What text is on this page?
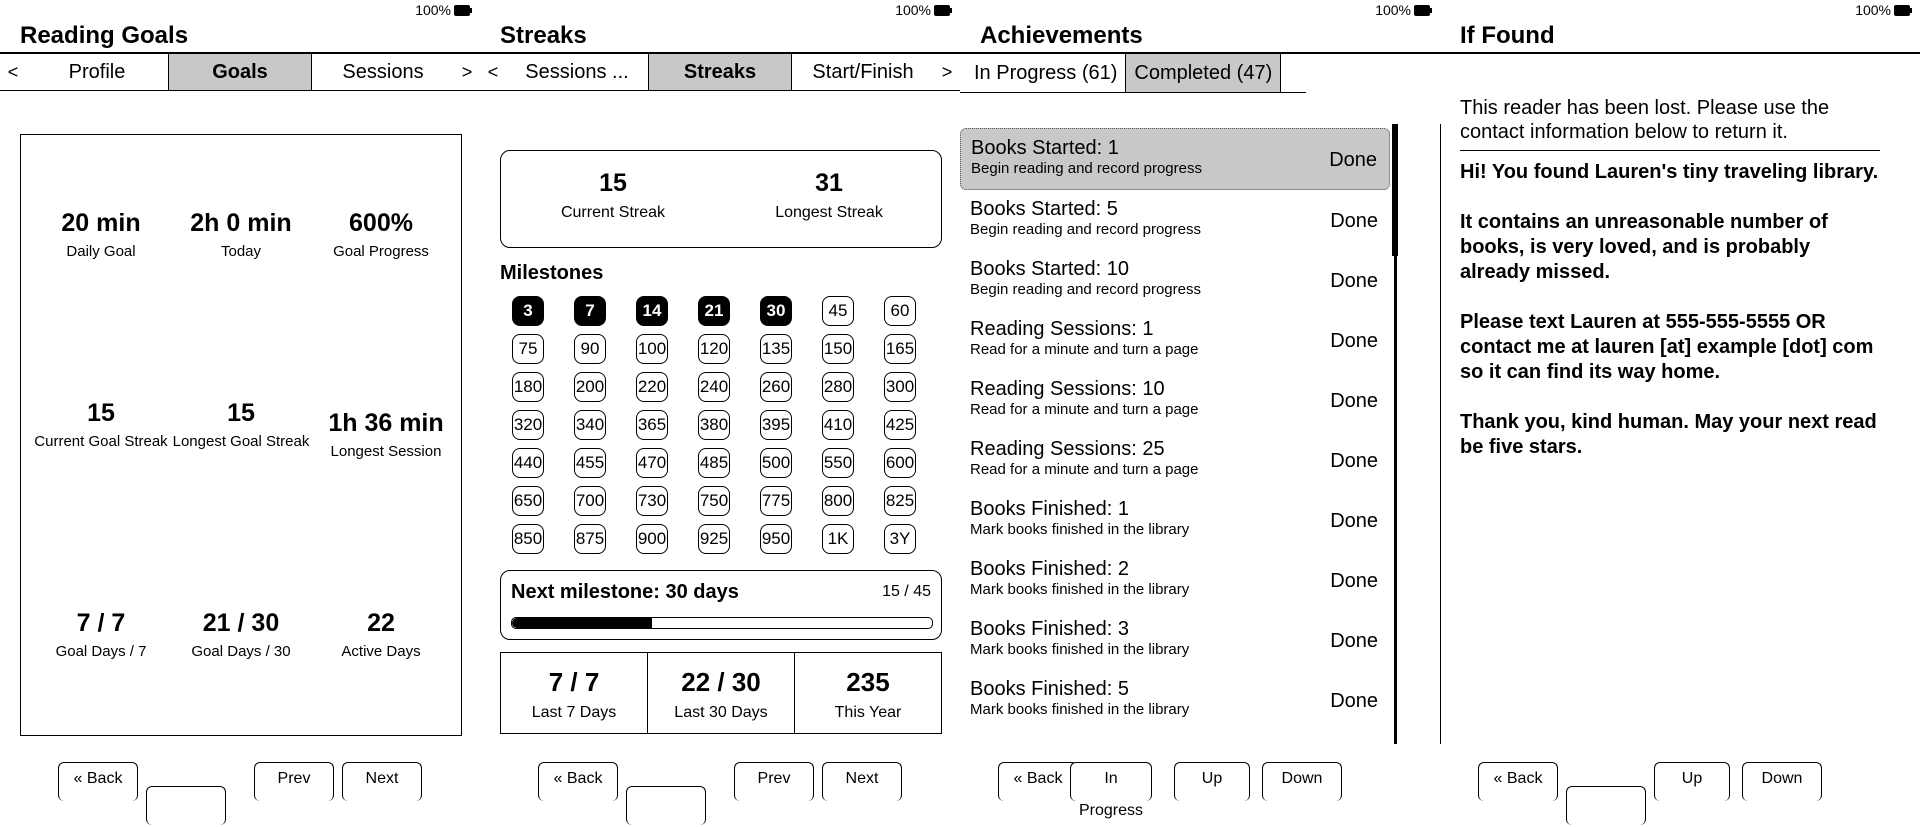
100%
Reading Goals
<	Profile	Goals	Sessions	>
20 min
Daily Goal
2h 0 min
Today
600%
Goal Progress
15
Current Goal Streak
15
Longest Goal Streak
1h 36 min
Longest Session
7 / 7
Goal Days / 7
21 / 30
Goal Days / 30
22
Active Days
« Back	Prev	Next
100%
Streaks
<	Sessions ...	Streaks	Start/Finish	>
15
Current Streak
31
Longest Streak
Milestones
3	7	14	21	30	45	60
75	90	100 120 135 150 165
180 200 220 240 260 280 300
320 340 365 380 395 410 425
440 455 470 485 500 550 600
650 700 730 750 775 800 825
850 875 900 925 950	1K	3Y
Next milestone: 30 days	15 / 45
7 / 7
Last 7 Days
22 / 30
Last 30 Days
235
This Year
« Back	Prev	Next
100%
Achievements
In Progress (61) Completed (47)
Books Started: 1
Begin reading and record progress	Done
Books Started: 5
Begin reading and record progress	Done
Books Started: 10
Begin reading and record progress	Done
Reading Sessions: 1
Read for a minute and turn a page	Done
Reading Sessions: 10
Read for a minute and turn a page	Done
Reading Sessions: 25
Read for a minute and turn a page	Done
Books Finished: 1
Mark books finished in the library	Done
Books Finished: 2
Mark books finished in the library	Done
Books Finished: 3
Mark books finished in the library	Done
Books Finished: 5
Mark books finished in the library	Done
« Back	In Progress
Up	Down
100%
If Found
This reader has been lost. Please use the contact information below to return it.

Hi! You found Lauren's tiny traveling library.

It contains an unreasonable number of books, is very loved, and is probably already missed.

Please text Lauren at 555-555-5555 OR contact me at lauren [at] example [dot] com so it can find its way home.

Thank you, kind human. May your next read be five stars.

« Back	Up	Down
